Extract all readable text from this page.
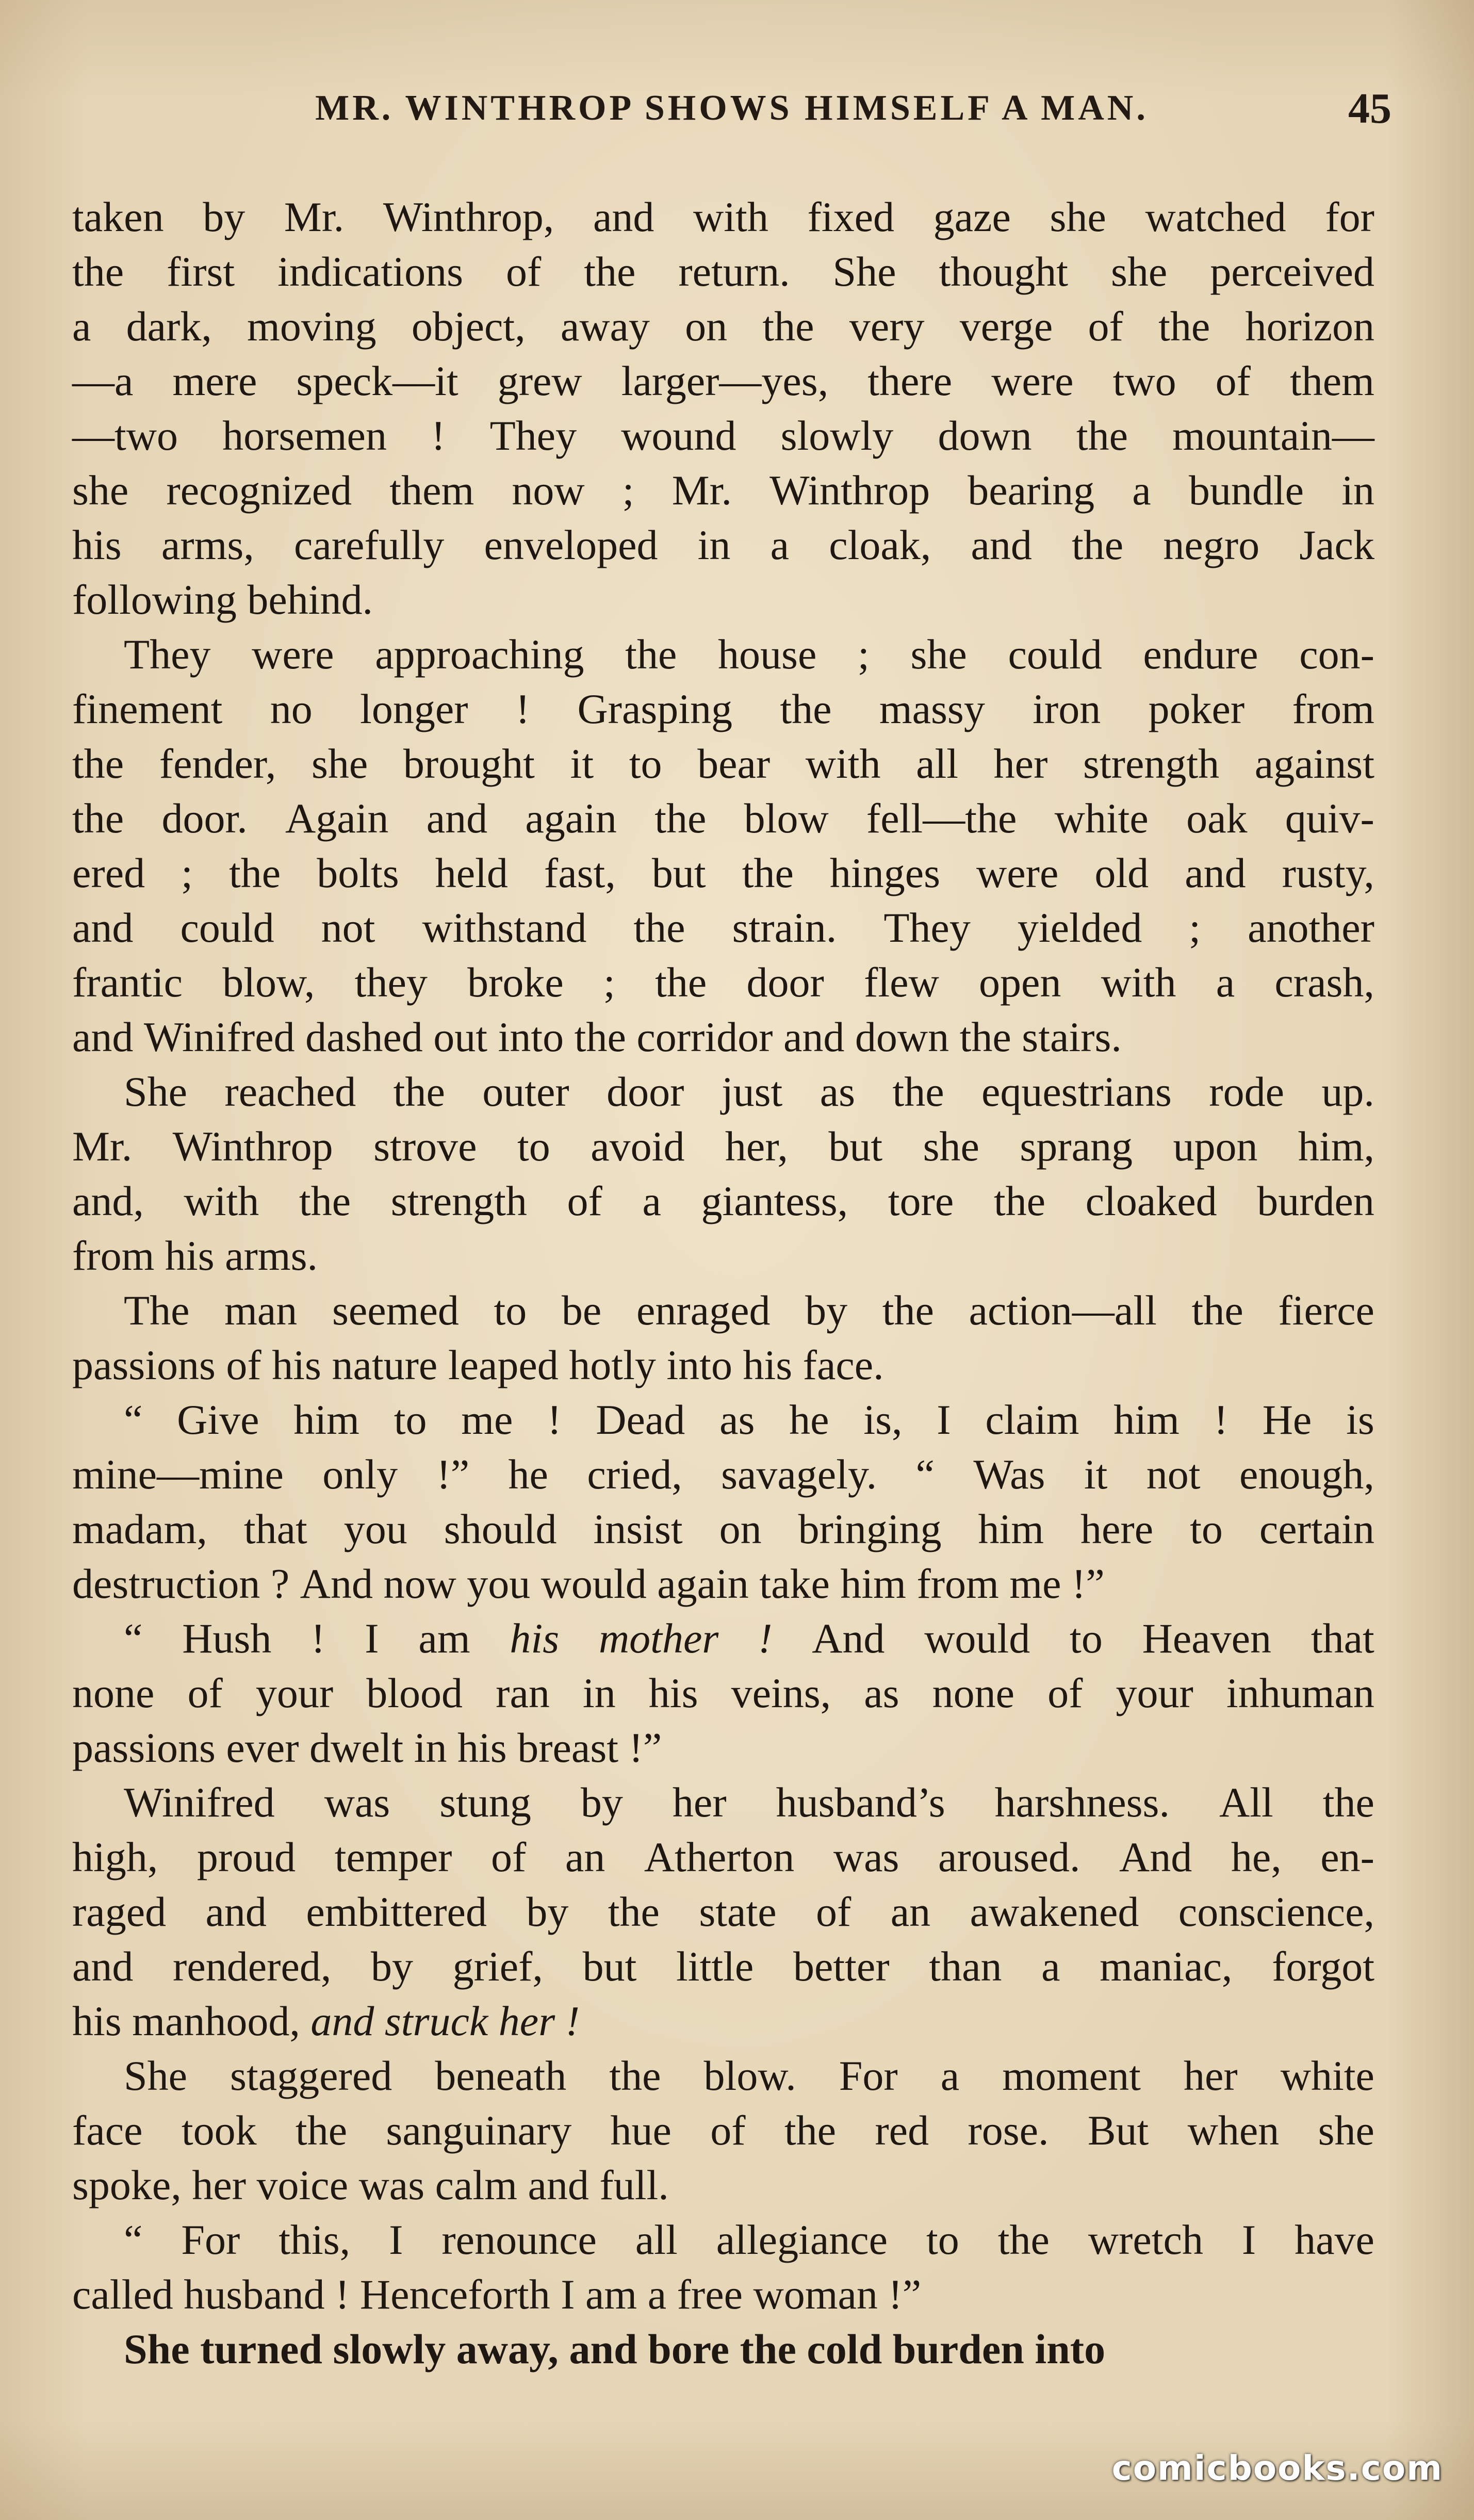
MR. WINTHROP SHOWS HIMSELF A MAN.	45
taken by Mr. Winthrop, and with fixed gaze she watched for
the first indications of the return. She thought she perceived
a dark, moving object, away on the very verge of the horizon
—a mere speck—it grew larger—yes, there were two of them
—two horsemen ! They wound slowly down the mountain—
she recognized them now ; Mr. Winthrop bearing a bundle in
his arms, carefully enveloped in a cloak, and the negro Jack
following
behind.
They were approaching the house ; she could endure con-
finement no longer ! Grasping the massy iron poker from
the fender, she brought it to bear with all her strength against
the door. Again and again the blow fell—the white oak quiv-
ered ; the bolts held fast, but the hinges were old and rusty,
and could not withstand the strain. They yielded ; another
frantic blow, they broke ; the door flew open with a crash,
and
Winifred
dashed
out
into
the
corridor
and
down
the
stairs.
She reached the outer door just as the equestrians rode up.
Mr. Winthrop strove to avoid her, but she sprang upon him,
and, with the strength of a giantess, tore the cloaked burden
from
his
arms.
The man seemed to be enraged by the action—all the fierce
passions
of
his
nature
leaped
hotly
into
his
face.
“ Give him to me ! Dead as he is, I claim him ! He is
mine—mine only !” he cried, savagely. “ Was it not enough,
madam, that you should insist on bringing him here to certain
destruction
?
And
now
you
would
again
take
him
from
me
!”
“ Hush ! I am his mother ! And would to Heaven that
none of your blood ran in his veins, as none of your inhuman
passions
ever
dwelt
in
his
breast
!”
Winifred was stung by her husband’s harshness. All the
high, proud temper of an Atherton was aroused. And he, en-
raged and embittered by the state of an awakened conscience,
and rendered, by grief, but little better than a maniac, forgot
his
manhood,
and
struck
her
!
She staggered beneath the blow. For a moment her white
face took the sanguinary hue of the red rose. But when she
spoke,
her
voice
was
calm
and
full.
“ For this, I renounce all allegiance to the wretch I have
called
husband
!
Henceforth
I
am
a
free
woman
!”
She
turned
slowly
away,
and
bore
the
cold
burden
into
comicbooks.com
